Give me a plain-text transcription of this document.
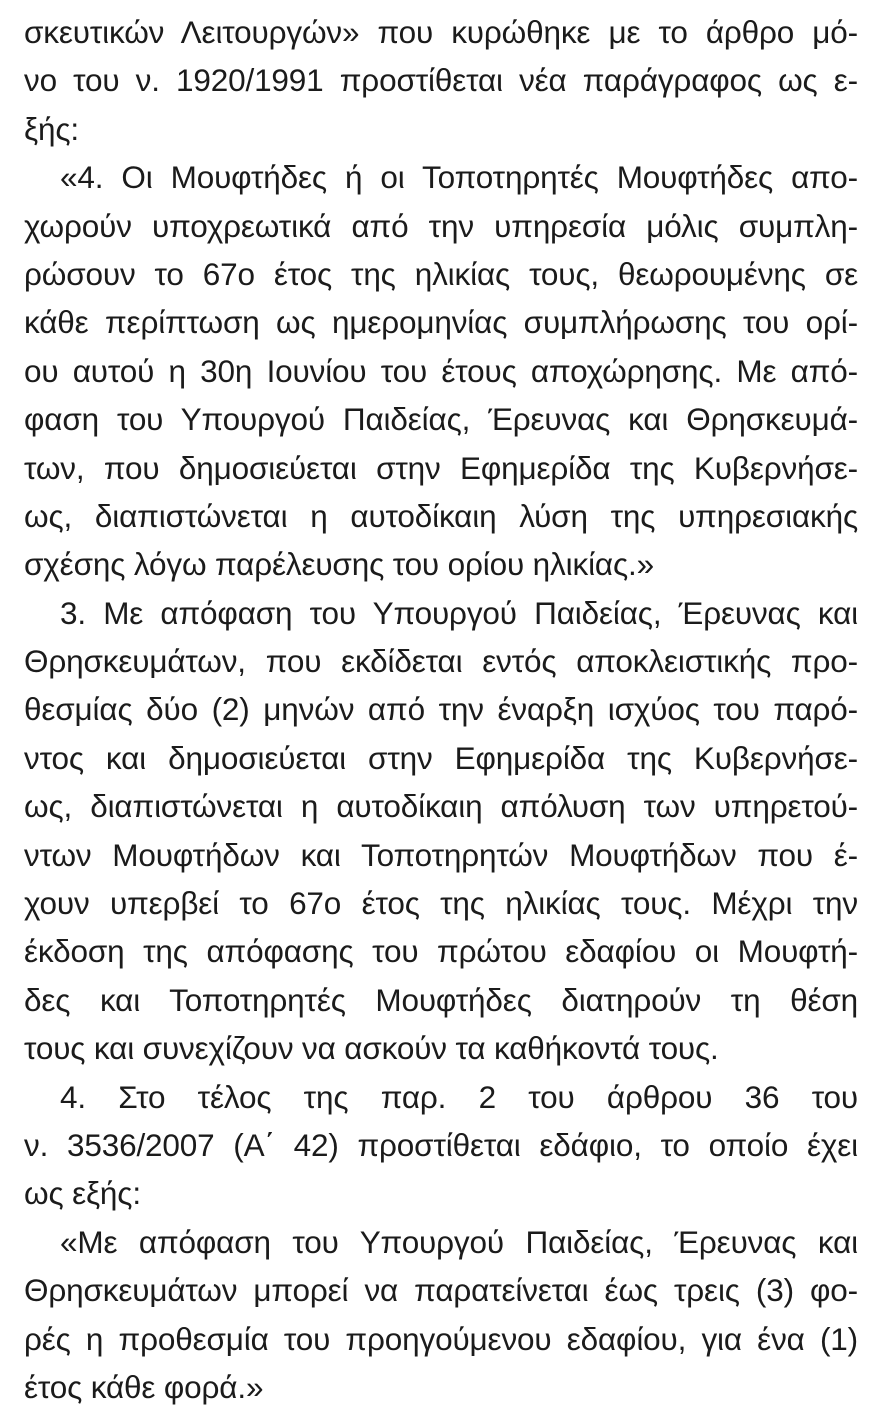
σκευτικών Λειτουργών» που κυρώθηκε με το άρθρο μό-
νο του ν. 1920/1991 προστίθεται νέα παράγραφος ως ε-
ξής:
«4. Οι Μουφτήδες ή οι Τοποτηρητές Μουφτήδες απο-
χωρούν υποχρεωτικά από την υπηρεσία μόλις συμπλη-
ρώσουν το 67ο έτος της ηλικίας τους, θεωρουμένης σε
κάθε περίπτωση ως ημερομηνίας συμπλήρωσης του ορί-
ου αυτού η 30η Ιουνίου του έτους αποχώρησης. Με από-
φαση του Υπουργού Παιδείας, Έρευνας και Θρησκευμά-
των, που δημοσιεύεται στην Εφημερίδα της Κυβερνήσε-
ως, διαπιστώνεται η αυτοδίκαιη λύση της υπηρεσιακής
σχέσης λόγω παρέλευσης του ορίου ηλικίας.»
3. Με απόφαση του Υπουργού Παιδείας, Έρευνας και
Θρησκευμάτων, που εκδίδεται εντός αποκλειστικής προ-
θεσμίας δύο (2) μηνών από την έναρξη ισχύος του παρό-
ντος και δημοσιεύεται στην Εφημερίδα της Κυβερνήσε-
ως, διαπιστώνεται η αυτοδίκαιη απόλυση των υπηρετού-
ντων Μουφτήδων και Τοποτηρητών Μουφτήδων που έ-
χουν υπερβεί το 67ο έτος της ηλικίας τους. Μέχρι την
έκδοση της απόφασης του πρώτου εδαφίου οι Μουφτή-
δες και Τοποτηρητές Μουφτήδες διατηρούν τη θέση
τους και συνεχίζουν να ασκούν τα καθήκοντά τους.
4. Στο τέλος της παρ. 2 του άρθρου 36 του
ν. 3536/2007 (Α΄ 42) προστίθεται εδάφιο, το οποίο έχει
ως εξής:
«Με απόφαση του Υπουργού Παιδείας, Έρευνας και
Θρησκευμάτων μπορεί να παρατείνεται έως τρεις (3) φο-
ρές η προθεσμία του προηγούμενου εδαφίου, για ένα (1)
έτος κάθε φορά.»
